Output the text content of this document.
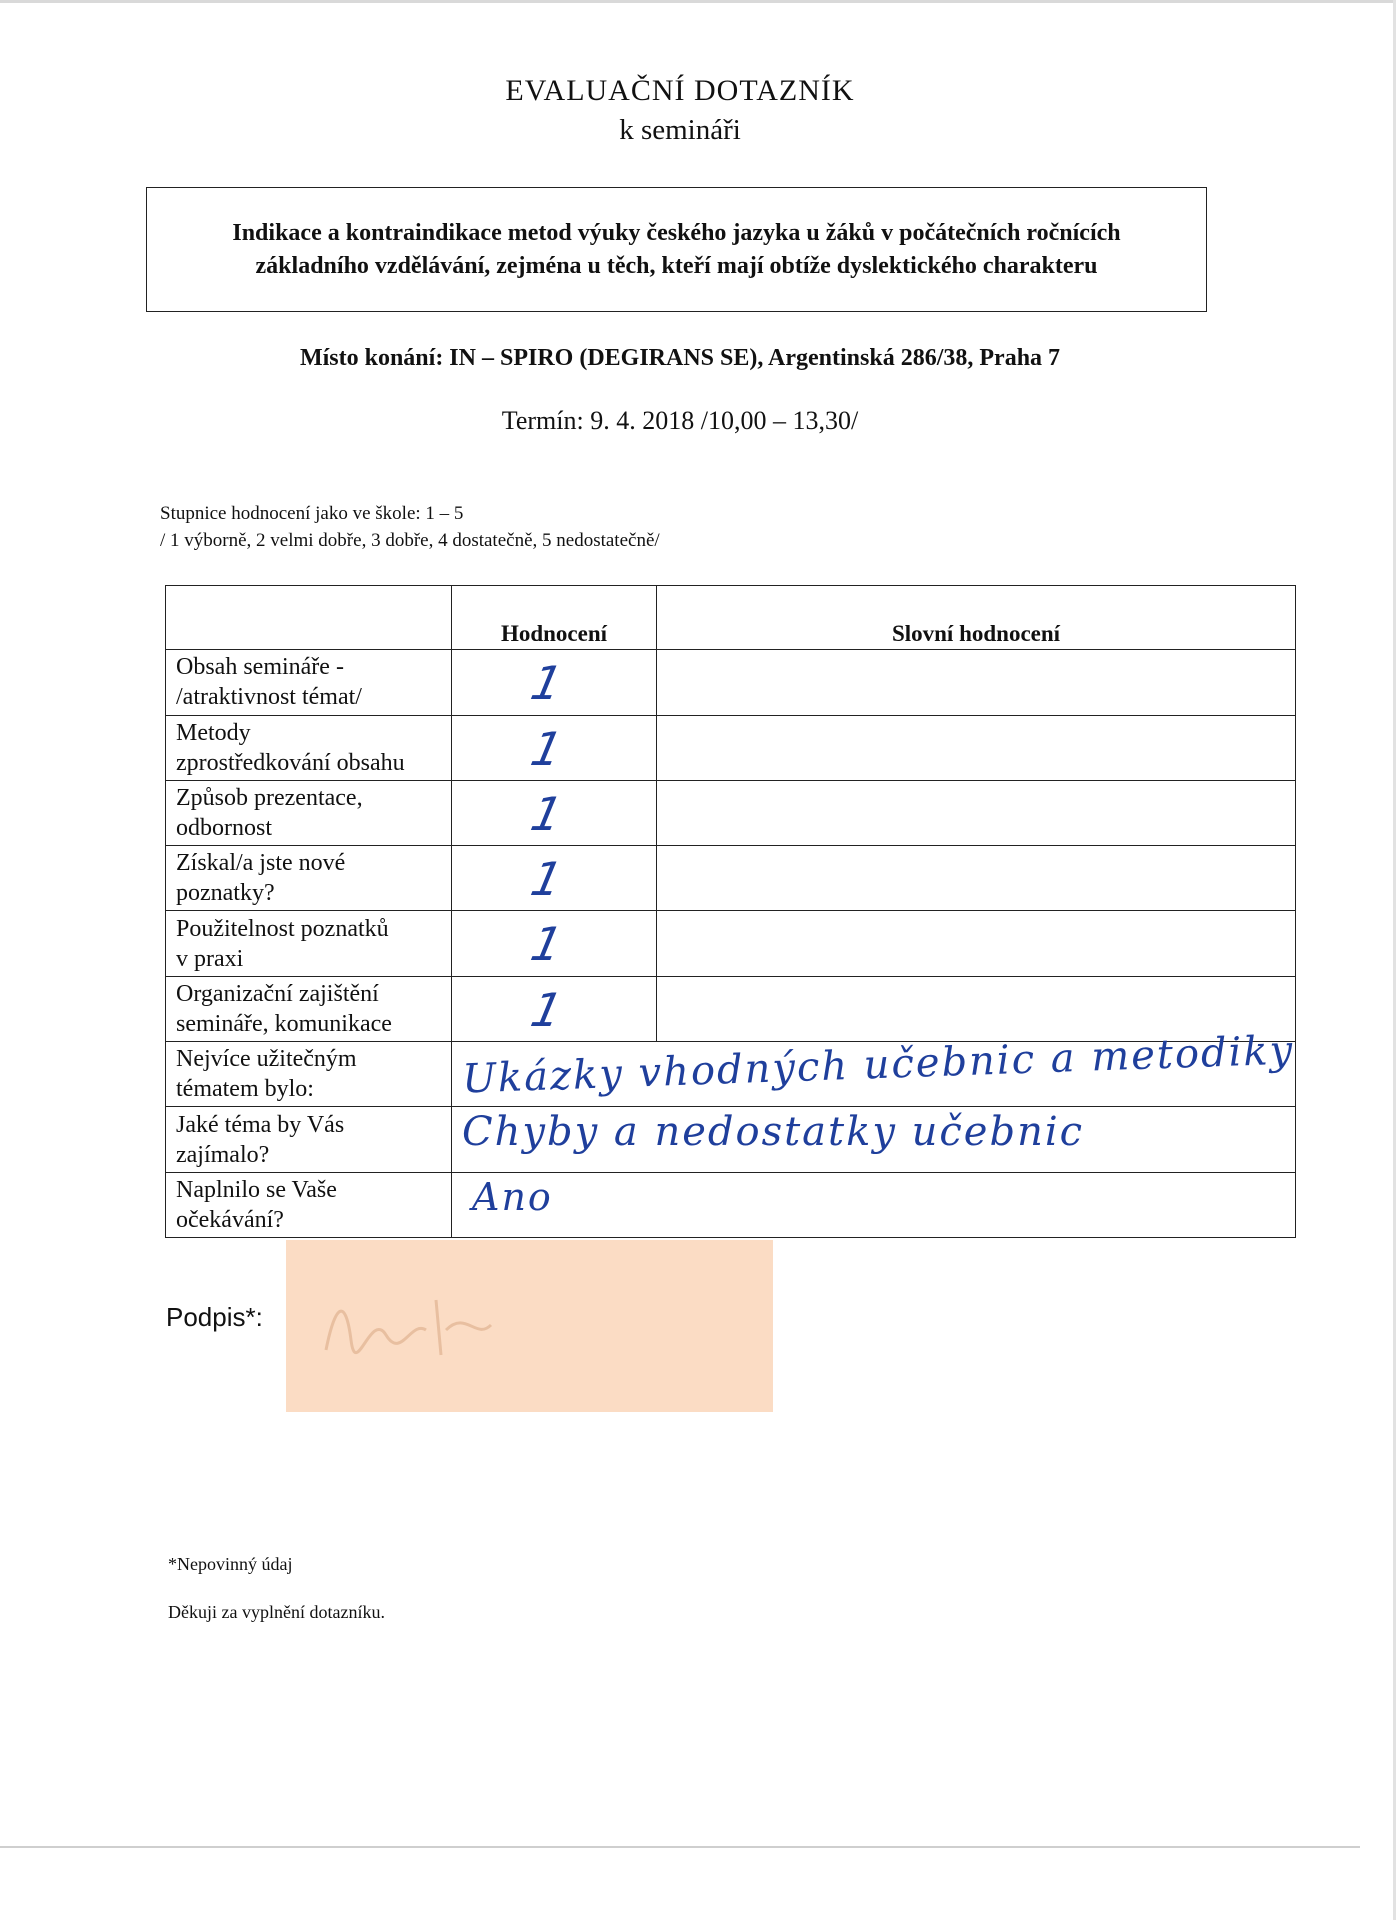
EVALUAČNÍ DOTAZNÍK
k semináři
Indikace a kontraindikace metod výuky českého jazyka u žáků v počátečních ročnících
základního vzdělávání, zejména u těch, kteří mají obtíže dyslektického charakteru
Místo konání: IN – SPIRO (DEGIRANS SE), Argentinská 286/38, Praha 7
Termín: 9. 4. 2018 /10,00 – 13,30/
Stupnice hodnocení jako ve škole: 1 – 5
/ 1 výborně, 2 velmi dobře, 3 dobře, 4 dostatečně, 5 nedostatečně/
	Hodnocení	Slovní hodnocení

Obsah semináře -
/atraktivnost témat/	1	

Metody
zprostředkování obsahu	1	

Způsob prezentace,
odbornost	1	

Získal/a jste nové
poznatky?	1	

Použitelnost poznatků
v praxi	1	

Organizační zajištění
semináře, komunikace	1	

Nejvíce užitečným
tématem bylo:	Ukázky vhodných učebnic a metodiky	

Jaké téma by Vás
zajímalo?	Chyby a nedostatky učebnic	

Naplnilo se Vaše
očekávání?	Ano	
Podpis*:
*Nepovinný údaj
Děkuji za vyplnění dotazníku.
